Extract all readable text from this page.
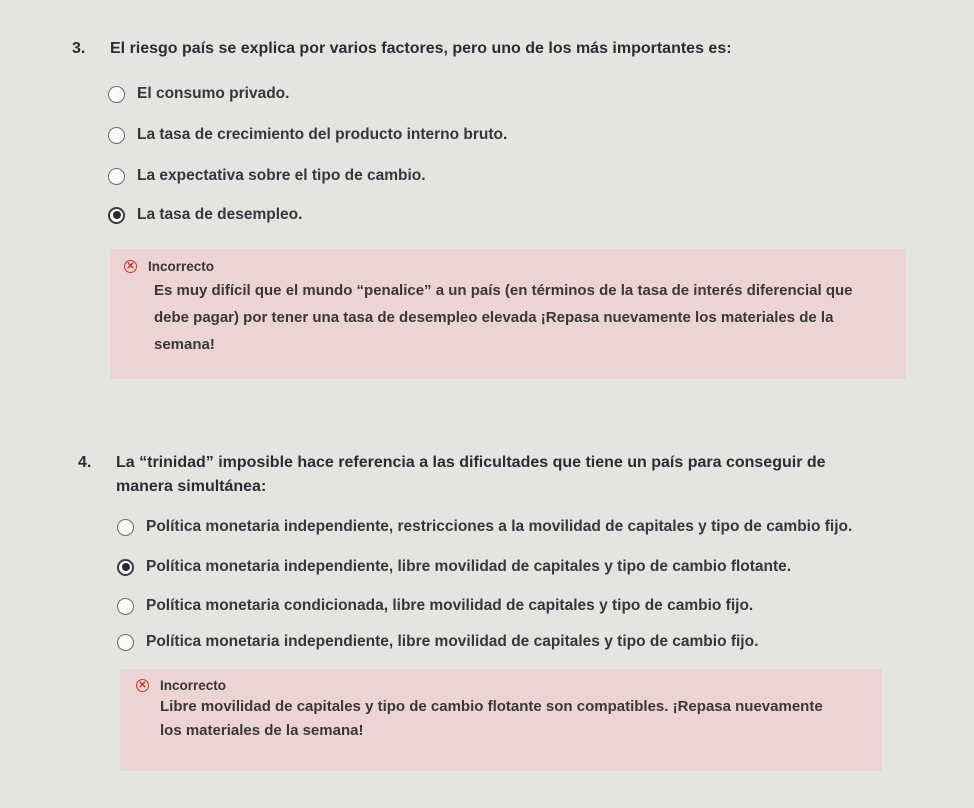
3.	El riesgo país se explica por varios factores, pero uno de los más importantes es:
El consumo privado.
La tasa de crecimiento del producto interno bruto.
La expectativa sobre el tipo de cambio.
La tasa de desempleo.
✕ Incorrecto
Es muy difícil que el mundo “penalice” a un país (en términos de la tasa de interés diferencial que debe pagar) por tener una tasa de desempleo elevada ¡Repasa nuevamente los materiales de la semana!
4.	La “trinidad” imposible hace referencia a las dificultades que tiene un país para conseguir de manera simultánea:
Política monetaria independiente, restricciones a la movilidad de capitales y tipo de cambio fijo.
Política monetaria independiente, libre movilidad de capitales y tipo de cambio flotante.
Política monetaria condicionada, libre movilidad de capitales y tipo de cambio fijo.
Política monetaria independiente, libre movilidad de capitales y tipo de cambio fijo.
✕ Incorrecto
Libre movilidad de capitales y tipo de cambio flotante son compatibles. ¡Repasa nuevamente los materiales de la semana!
